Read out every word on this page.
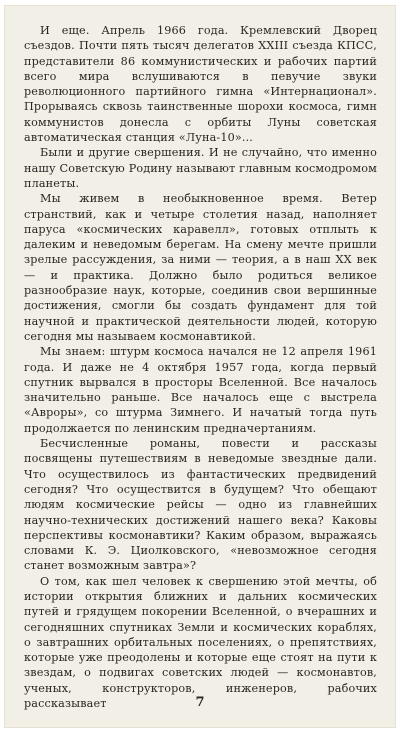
И еще. Апрель 1966 года. Кремлевский Дворец съездов. Почти пять тысяч делегатов XXIII съезда КПСС, представители 86 коммунистических и рабочих партий всего мира вслушиваются в певучие звуки революционного партийного гимна «Интернационал». Прорываясь сквозь таинственные шорохи космоса, гимн коммунистов донесла с орбиты Луны советская автоматическая станция «Луна-10»...

Были и другие свершения. И не случайно, что именно нашу Советскую Родину называют главным космодромом планеты.

Мы живем в необыкновенное время. Ветер странствий, как и четыре столетия назад, наполняет паруса «космических каравелл», готовых отплыть к далеким и неведомым берегам. На смену мечте пришли зрелые рассуждения, за ними — теория, а в наш XX век — и практика. Должно было родиться великое разнообразие наук, которые, соединив свои вершинные достижения, смогли бы создать фундамент для той научной и практической деятельности людей, которую сегодня мы называем космонавтикой.

Мы знаем: штурм космоса начался не 12 апреля 1961 года. И даже не 4 октября 1957 года, когда первый спутник вырвался в просторы Вселенной. Все началось значительно раньше. Все началось еще с выстрела «Авроры», со штурма Зимнего. И начатый тогда путь продолжается по ленинским предначертаниям.

Бесчисленные романы, повести и рассказы посвящены путешествиям в неведомые звездные дали. Что осуществилось из фантастических предвидений сегодня? Что осуществится в будущем? Что обещают людям космические рейсы — одно из главнейших научно-технических достижений нашего века? Каковы перспективы космонавтики? Каким образом, выражаясь словами К. Э. Циолковского, «невозможное сегодня станет возможным завтра»?

О том, как шел человек к свершению этой мечты, об истории открытия ближних и дальних космических путей и грядущем покорении Вселенной, о вчерашних и сегодняшних спутниках Земли и космических кораблях, о завтрашних орбитальных поселениях, о препятствиях, которые уже преодолены и которые еще стоят на пути к звездам, о подвигах советских людей — космонавтов, ученых, конструкторов, инженеров, рабочих рассказывает	7
